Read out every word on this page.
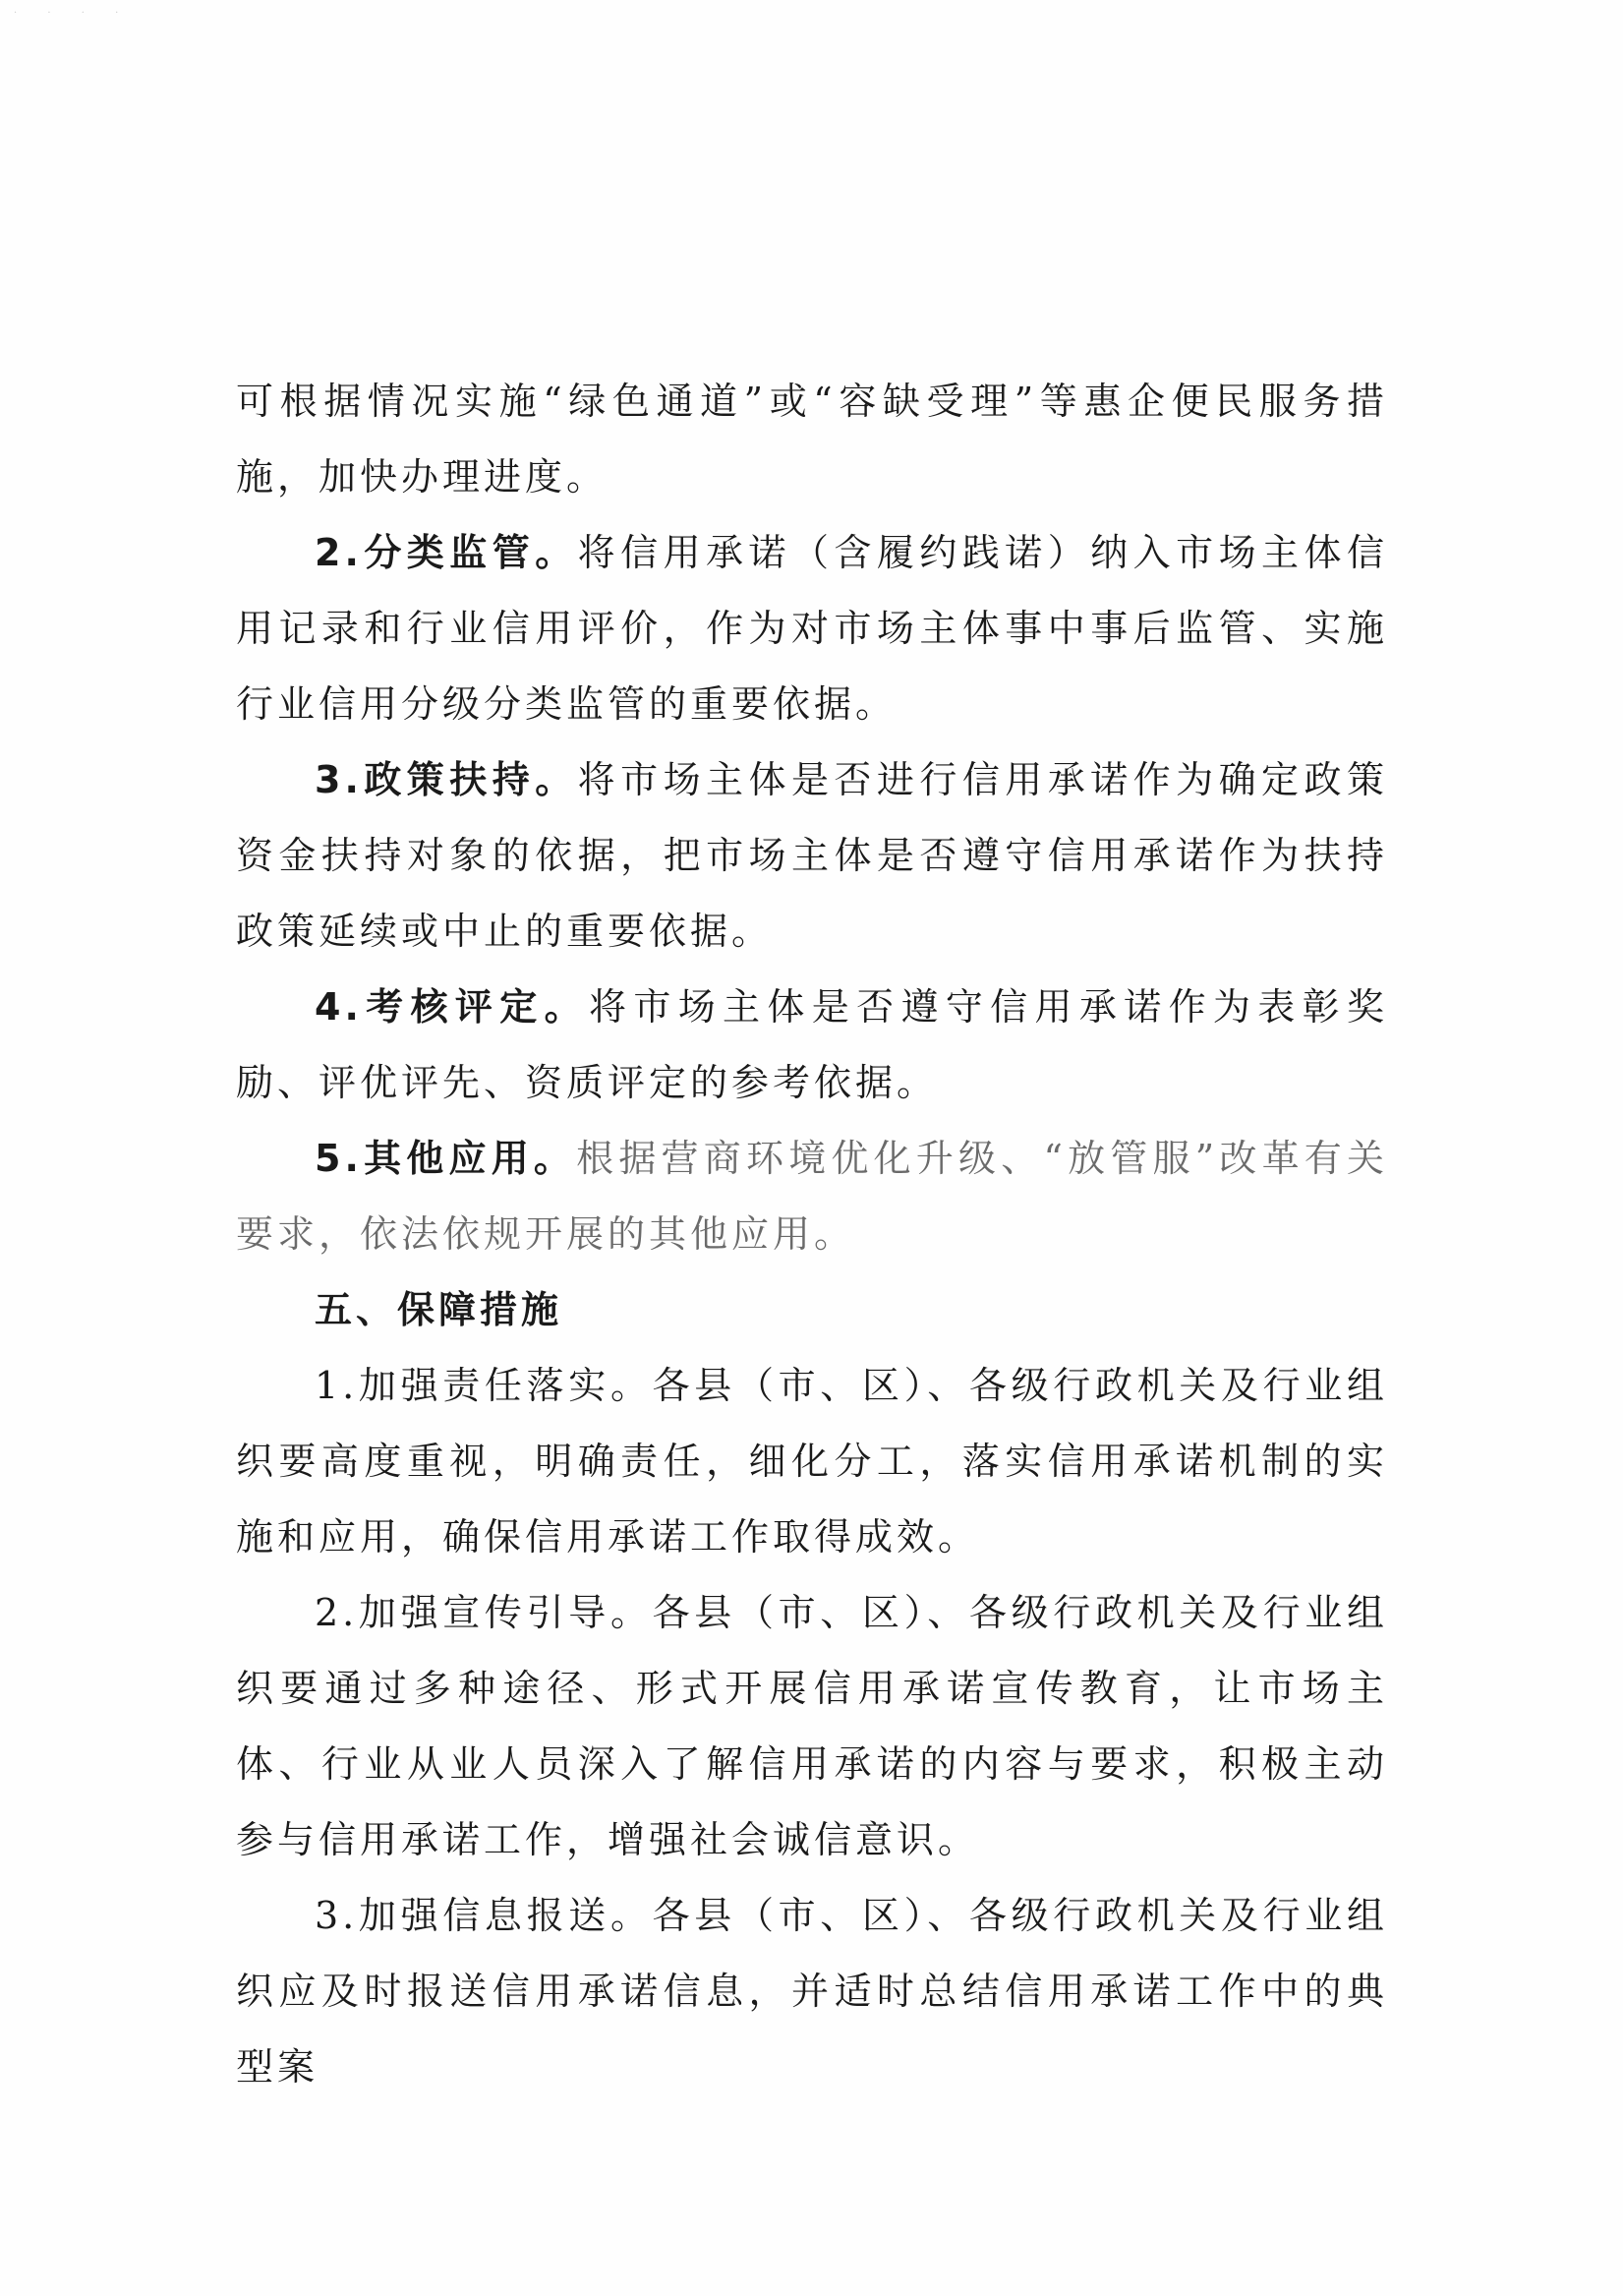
· · · ·

可根据情况实施“绿色通道”或“容缺受理”等惠企便民服务措施，加快办理进度。

2.分类监管。将信用承诺（含履约践诺）纳入市场主体信用记录和行业信用评价，作为对市场主体事中事后监管、实施行业信用分级分类监管的重要依据。

3.政策扶持。将市场主体是否进行信用承诺作为确定政策资金扶持对象的依据，把市场主体是否遵守信用承诺作为扶持政策延续或中止的重要依据。

4.考核评定。将市场主体是否遵守信用承诺作为表彰奖励、评优评先、资质评定的参考依据。

5.其他应用。根据营商环境优化升级、“放管服”改革有关要求，依法依规开展的其他应用。

五、保障措施

1.加强责任落实。各县（市、区）、各级行政机关及行业组织要高度重视，明确责任，细化分工，落实信用承诺机制的实施和应用，确保信用承诺工作取得成效。

2.加强宣传引导。各县（市、区）、各级行政机关及行业组织要通过多种途径、形式开展信用承诺宣传教育，让市场主体、行业从业人员深入了解信用承诺的内容与要求，积极主动参与信用承诺工作，增强社会诚信意识。

3.加强信息报送。各县（市、区）、各级行政机关及行业组织应及时报送信用承诺信息，并适时总结信用承诺工作中的典型案
